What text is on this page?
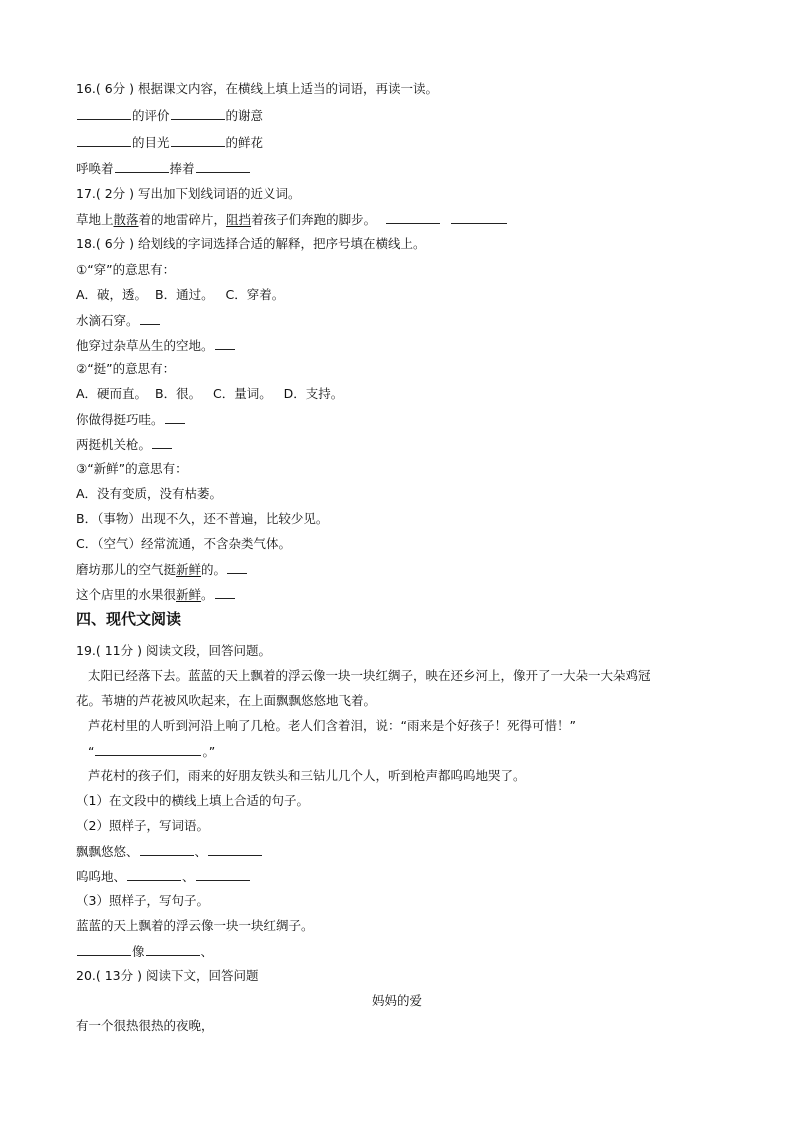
16.( 6分 ) 根据课文内容，在横线上填上适当的词语，再读一读。
的评价	的谢意
的目光	的鲜花
呼唤着	捧着
17.( 2分 ) 写出加下划线词语的近义词。
草地上散落着的地雷碎片，阻挡着孩子们奔跑的脚步。
18.( 6分 ) 给划线的字词选择合适的解释，把序号填在横线上。
①“穿”的意思有：
A．破，透。  B．通过。   C．穿着。
水滴石穿。
他穿过杂草丛生的空地。
②“挺”的意思有：
A．硬而直。  B．很。   C．量词。   D．支持。
你做得挺巧哇。
两挺机关枪。
③“新鲜”的意思有：
A．没有变质，没有枯萎。
B．（事物）出现不久，还不普遍，比较少见。
C．（空气）经常流通，不含杂类气体。
磨坊那儿的空气挺新鲜的。
这个店里的水果很新鲜。
四、现代文阅读
19.( 11分 ) 阅读文段，回答问题。
太阳已经落下去。蓝蓝的天上飘着的浮云像一块一块红绸子，映在还乡河上，像开了一大朵一大朵鸡冠
花。苇塘的芦花被风吹起来，在上面飘飘悠悠地飞着。
芦花村里的人听到河沿上响了几枪。老人们含着泪，说：“雨来是个好孩子！死得可惜！”
“	。”
芦花村的孩子们，雨来的好朋友铁头和三钻儿几个人，听到枪声都呜呜地哭了。
（1）在文段中的横线上填上合适的句子。
（2）照样子，写词语。
飘飘悠悠、	、
呜呜地、	、
（3）照样子，写句子。
蓝蓝的天上飘着的浮云像一块一块红绸子。
像	、
20.( 13分 ) 阅读下文，回答问题
妈妈的爱
有一个很热很热的夜晚，
